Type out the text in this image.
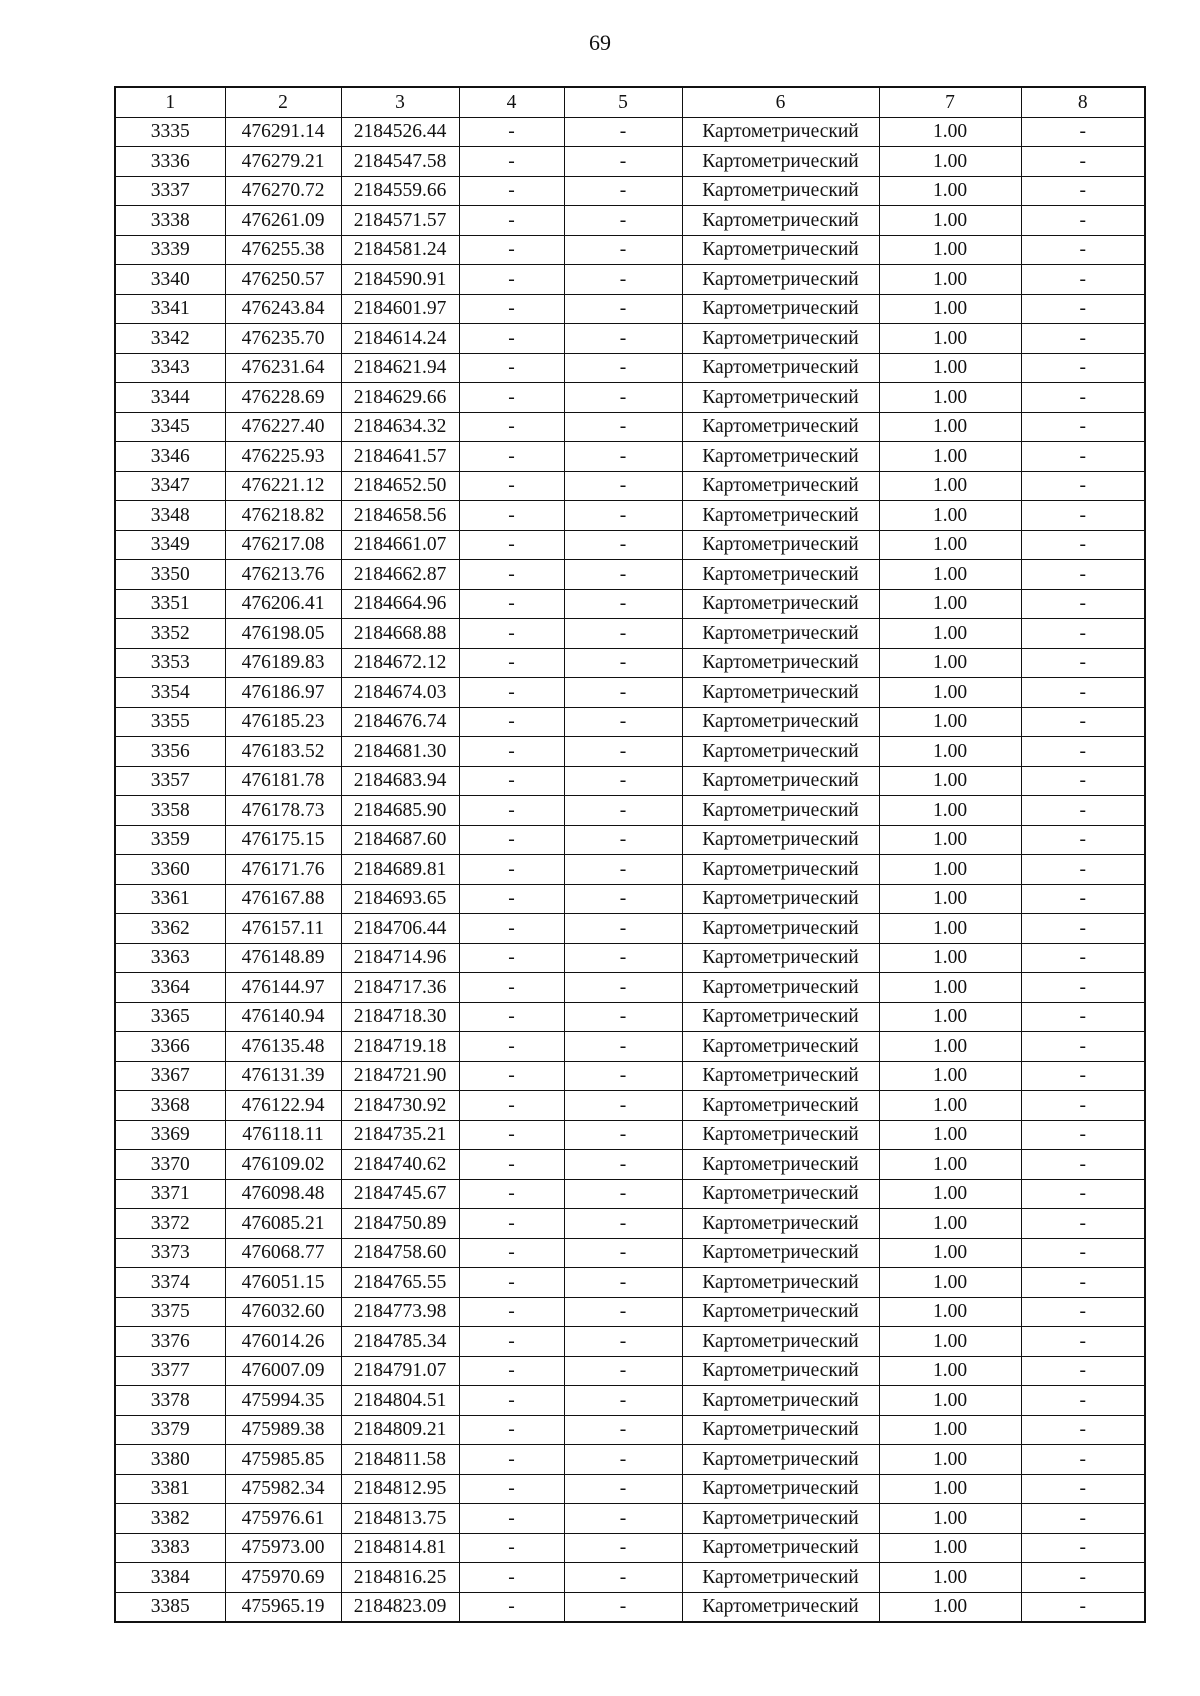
69
1	2	3	4	5	6	7	8
3335	476291.14	2184526.44	-	-	Картометрический	1.00	-
3336	476279.21	2184547.58	-	-	Картометрический	1.00	-
3337	476270.72	2184559.66	-	-	Картометрический	1.00	-
3338	476261.09	2184571.57	-	-	Картометрический	1.00	-
3339	476255.38	2184581.24	-	-	Картометрический	1.00	-
3340	476250.57	2184590.91	-	-	Картометрический	1.00	-
3341	476243.84	2184601.97	-	-	Картометрический	1.00	-
3342	476235.70	2184614.24	-	-	Картометрический	1.00	-
3343	476231.64	2184621.94	-	-	Картометрический	1.00	-
3344	476228.69	2184629.66	-	-	Картометрический	1.00	-
3345	476227.40	2184634.32	-	-	Картометрический	1.00	-
3346	476225.93	2184641.57	-	-	Картометрический	1.00	-
3347	476221.12	2184652.50	-	-	Картометрический	1.00	-
3348	476218.82	2184658.56	-	-	Картометрический	1.00	-
3349	476217.08	2184661.07	-	-	Картометрический	1.00	-
3350	476213.76	2184662.87	-	-	Картометрический	1.00	-
3351	476206.41	2184664.96	-	-	Картометрический	1.00	-
3352	476198.05	2184668.88	-	-	Картометрический	1.00	-
3353	476189.83	2184672.12	-	-	Картометрический	1.00	-
3354	476186.97	2184674.03	-	-	Картометрический	1.00	-
3355	476185.23	2184676.74	-	-	Картометрический	1.00	-
3356	476183.52	2184681.30	-	-	Картометрический	1.00	-
3357	476181.78	2184683.94	-	-	Картометрический	1.00	-
3358	476178.73	2184685.90	-	-	Картометрический	1.00	-
3359	476175.15	2184687.60	-	-	Картометрический	1.00	-
3360	476171.76	2184689.81	-	-	Картометрический	1.00	-
3361	476167.88	2184693.65	-	-	Картометрический	1.00	-
3362	476157.11	2184706.44	-	-	Картометрический	1.00	-
3363	476148.89	2184714.96	-	-	Картометрический	1.00	-
3364	476144.97	2184717.36	-	-	Картометрический	1.00	-
3365	476140.94	2184718.30	-	-	Картометрический	1.00	-
3366	476135.48	2184719.18	-	-	Картометрический	1.00	-
3367	476131.39	2184721.90	-	-	Картометрический	1.00	-
3368	476122.94	2184730.92	-	-	Картометрический	1.00	-
3369	476118.11	2184735.21	-	-	Картометрический	1.00	-
3370	476109.02	2184740.62	-	-	Картометрический	1.00	-
3371	476098.48	2184745.67	-	-	Картометрический	1.00	-
3372	476085.21	2184750.89	-	-	Картометрический	1.00	-
3373	476068.77	2184758.60	-	-	Картометрический	1.00	-
3374	476051.15	2184765.55	-	-	Картометрический	1.00	-
3375	476032.60	2184773.98	-	-	Картометрический	1.00	-
3376	476014.26	2184785.34	-	-	Картометрический	1.00	-
3377	476007.09	2184791.07	-	-	Картометрический	1.00	-
3378	475994.35	2184804.51	-	-	Картометрический	1.00	-
3379	475989.38	2184809.21	-	-	Картометрический	1.00	-
3380	475985.85	2184811.58	-	-	Картометрический	1.00	-
3381	475982.34	2184812.95	-	-	Картометрический	1.00	-
3382	475976.61	2184813.75	-	-	Картометрический	1.00	-
3383	475973.00	2184814.81	-	-	Картометрический	1.00	-
3384	475970.69	2184816.25	-	-	Картометрический	1.00	-
3385	475965.19	2184823.09	-	-	Картометрический	1.00	-
